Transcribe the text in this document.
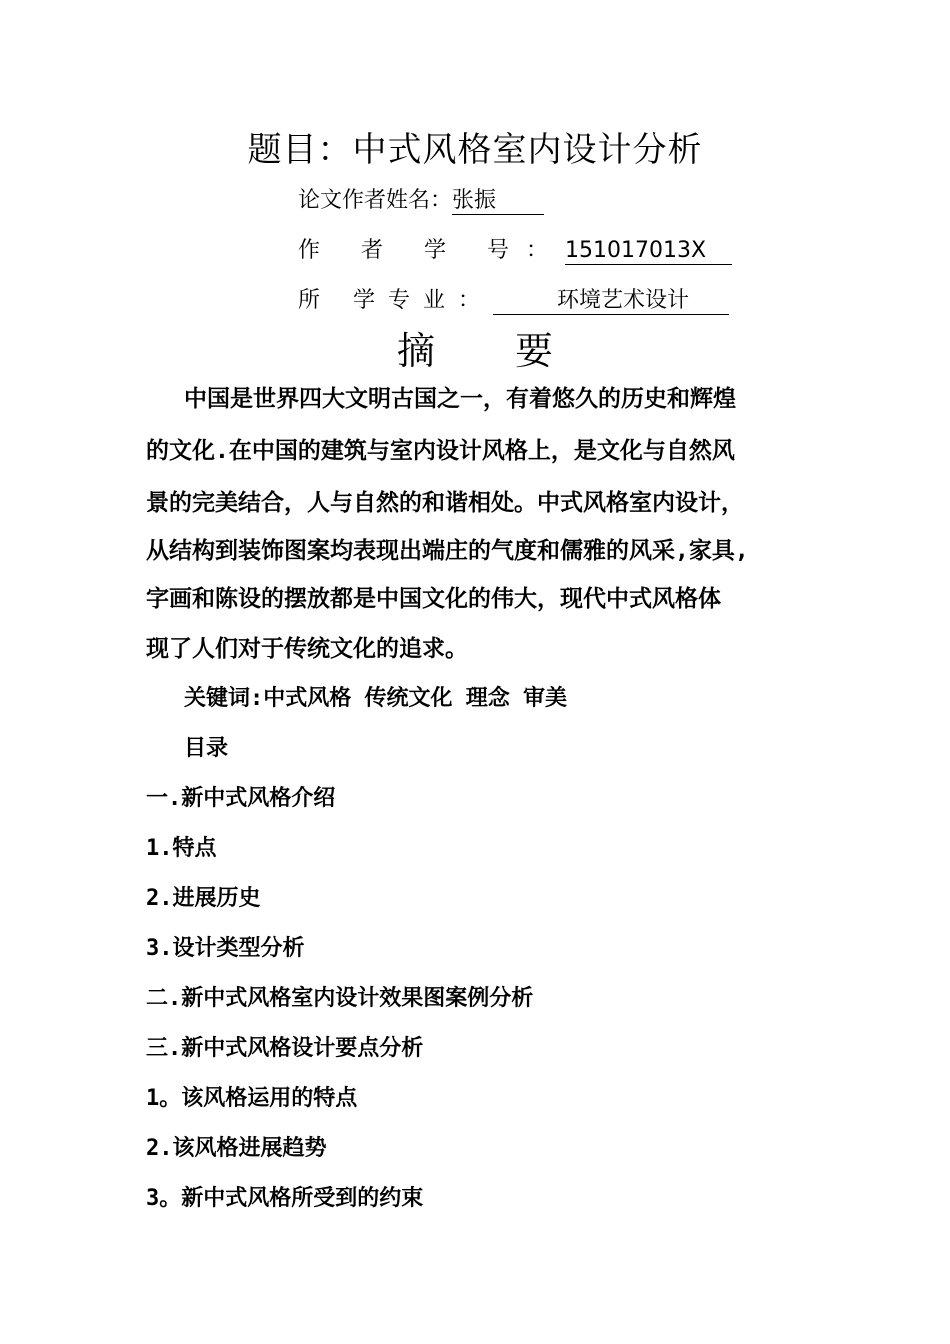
题目：中式风格室内设计分析
论文作者姓名：张振
作 者 学 号：151017013X
所 学专业：	环境艺术设计
摘要
中国是世界四大文明古国之一，有着悠久的历史和辉煌
的文化.在中国的建筑与室内设计风格上，是文化与自然风
景的完美结合，人与自然的和谐相处。中式风格室内设计，
从结构到装饰图案均表现出端庄的气度和儒雅的风采,家具,
字画和陈设的摆放都是中国文化的伟大，现代中式风格体
现了人们对于传统文化的追求。
关键词:中式风格 传统文化 理念 审美
目录
一.新中式风格介绍
1.特点
2.进展历史
3.设计类型分析
二.新中式风格室内设计效果图案例分析
三.新中式风格设计要点分析
1。该风格运用的特点
2.该风格进展趋势
3。新中式风格所受到的约束
